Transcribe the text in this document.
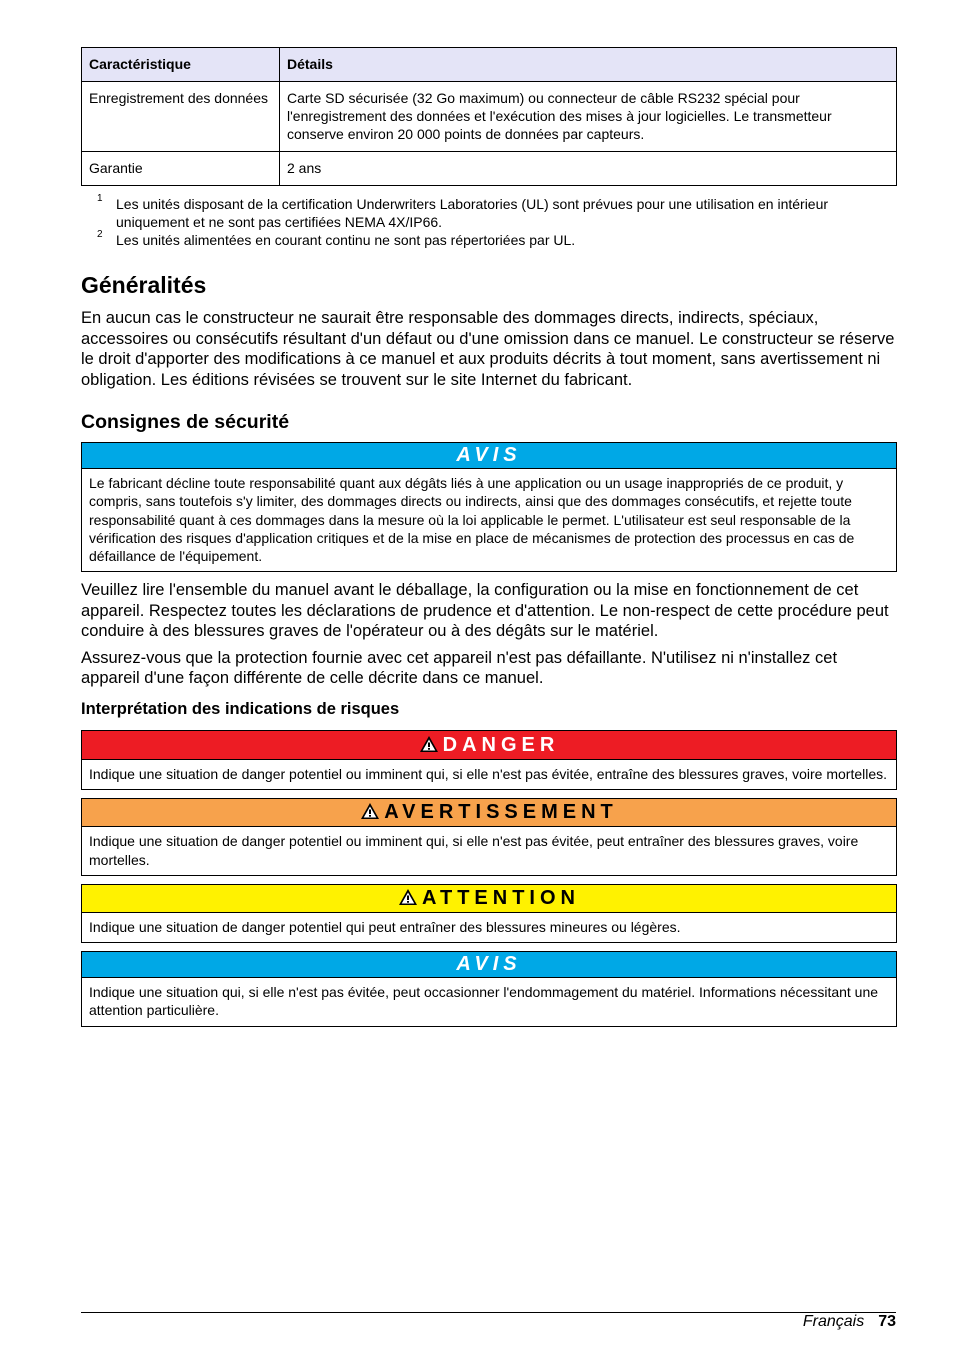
Caractéristique	Détails
Enregistrement des données	Carte SD sécurisée (32 Go maximum) ou connecteur de câble RS232 spécial pour l'enregistrement des données et l'exécution des mises à jour logicielles. Le transmetteur conserve environ 20 000 points de données par capteurs.
Garantie	2 ans
1 Les unités disposant de la certification Underwriters Laboratories (UL) sont prévues pour une utilisation en intérieur uniquement et ne sont pas certifiées NEMA 4X/IP66.
2 Les unités alimentées en courant continu ne sont pas répertoriées par UL.
Généralités

En aucun cas le constructeur ne saurait être responsable des dommages directs, indirects, spéciaux, accessoires ou consécutifs résultant d'un défaut ou d'une omission dans ce manuel. Le constructeur se réserve le droit d'apporter des modifications à ce manuel et aux produits décrits à tout moment, sans avertissement ni obligation. Les éditions révisées se trouvent sur le site Internet du fabricant.

Consignes de sécurité
AVIS
Le fabricant décline toute responsabilité quant aux dégâts liés à une application ou un usage inappropriés de ce produit, y compris, sans toutefois s'y limiter, des dommages directs ou indirects, ainsi que des dommages consécutifs, et rejette toute responsabilité quant à ces dommages dans la mesure où la loi applicable le permet. L'utilisateur est seul responsable de la vérification des risques d'application critiques et de la mise en place de mécanismes de protection des processus en cas de défaillance de l'équipement.

Veuillez lire l'ensemble du manuel avant le déballage, la configuration ou la mise en fonctionnement de cet appareil. Respectez toutes les déclarations de prudence et d'attention. Le non-respect de cette procédure peut conduire à des blessures graves de l'opérateur ou à des dégâts sur le matériel.

Assurez-vous que la protection fournie avec cet appareil n'est pas défaillante. N'utilisez ni n'installez cet appareil d'une façon différente de celle décrite dans ce manuel.

Interprétation des indications de risques
DANGER
Indique une situation de danger potentiel ou imminent qui, si elle n'est pas évitée, entraîne des blessures graves, voire mortelles.
AVERTISSEMENT
Indique une situation de danger potentiel ou imminent qui, si elle n'est pas évitée, peut entraîner des blessures graves, voire mortelles.
ATTENTION
Indique une situation de danger potentiel qui peut entraîner des blessures mineures ou légères.
AVIS
Indique une situation qui, si elle n'est pas évitée, peut occasionner l'endommagement du matériel. Informations nécessitant une attention particulière.
Français 73
